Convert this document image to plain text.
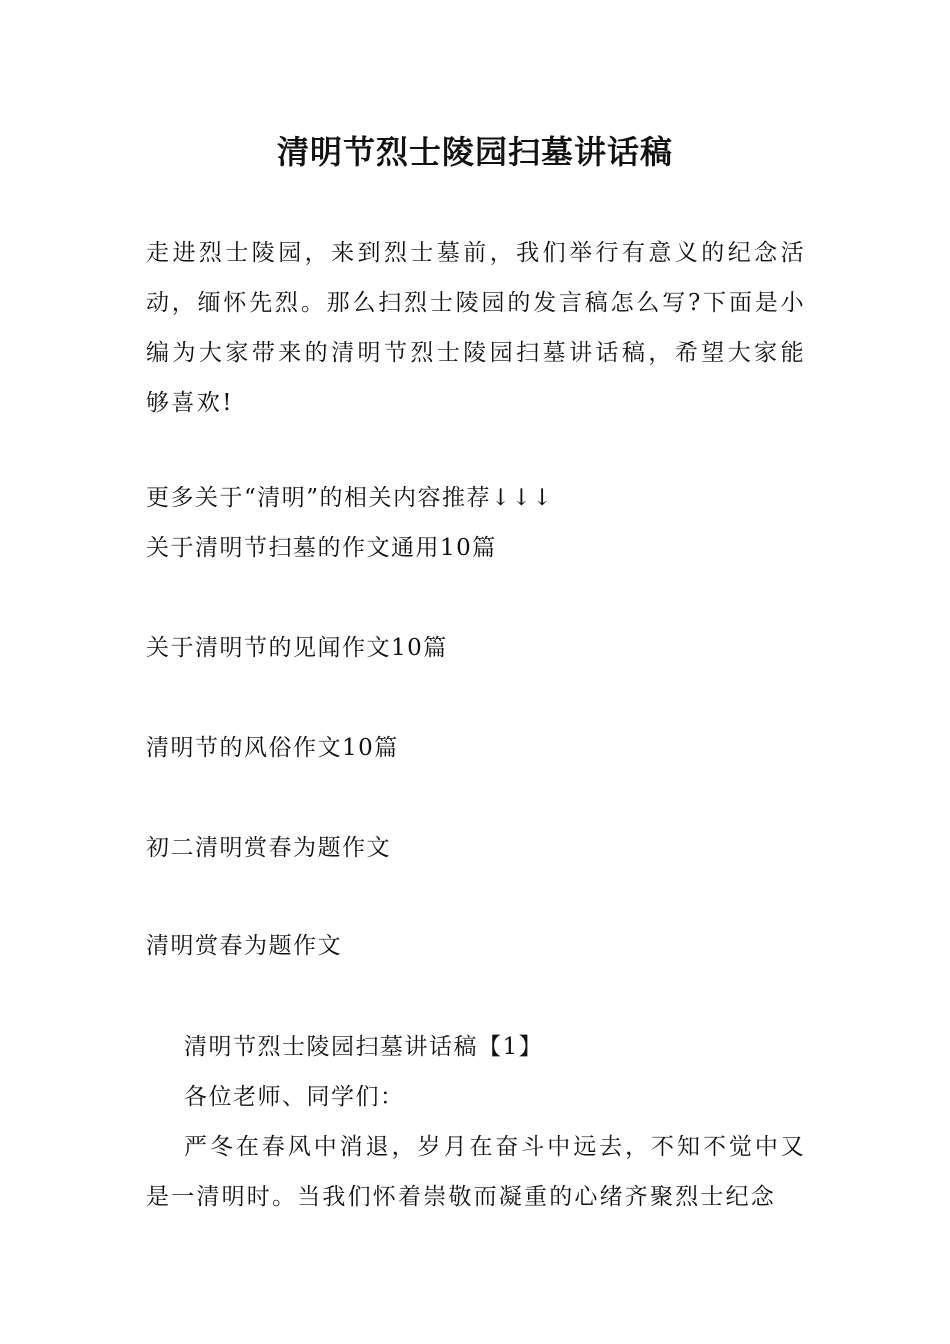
清明节烈士陵园扫墓讲话稿
走进烈士陵园，来到烈士墓前，我们举行有意义的纪念活动，缅怀先烈。那么扫烈士陵园的发言稿怎么写?下面是小编为大家带来的清明节烈士陵园扫墓讲话稿，希望大家能够喜欢!
更多关于“清明”的相关内容推荐↓↓↓
关于清明节扫墓的作文通用10篇
关于清明节的见闻作文10篇
清明节的风俗作文10篇
初二清明赏春为题作文
清明赏春为题作文
清明节烈士陵园扫墓讲话稿【1】
各位老师、同学们：
严冬在春风中消退，岁月在奋斗中远去，不知不觉中又是一清明时。当我们怀着崇敬而凝重的心绪齐聚烈士纪念
